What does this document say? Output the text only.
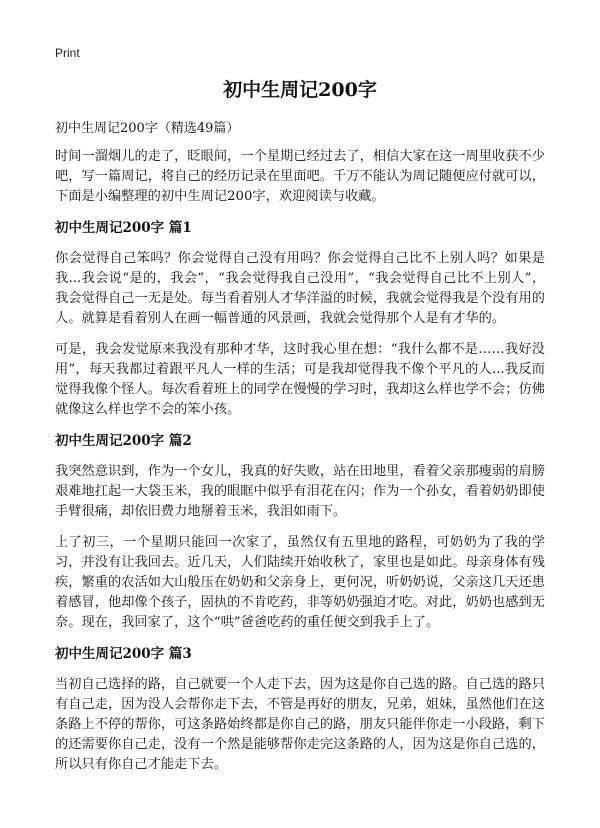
Print
初中生周记200字

初中生周记200字（精选49篇）

时间一溜烟儿的走了，眨眼间，一个星期已经过去了，相信大家在这一周里收获不少吧，写一篇周记，将自己的经历记录在里面吧。千万不能认为周记随便应付就可以，下面是小编整理的初中生周记200字，欢迎阅读与收藏。

初中生周记200字 篇1

你会觉得自己笨吗？你会觉得自己没有用吗？你会觉得自己比不上别人吗？如果是我...我会说“是的，我会”，“我会觉得我自己没用”，“我会觉得自己比不上别人”，我会觉得自己一无是处。每当看着别人才华洋溢的时候，我就会觉得我是个没有用的人。就算是看着别人在画一幅普通的风景画，我就会觉得那个人是有才华的。

可是，我会发觉原来我没有那种才华，这时我心里在想：“我什么都不是……我好没用”，每天我都过着跟平凡人一样的生活；可是我却觉得我不像个平凡的人...我反而觉得我像个怪人。每次看着班上的同学在慢慢的学习时，我却这么样也学不会；仿佛就像这么样也学不会的笨小孩。

初中生周记200字 篇2

我突然意识到，作为一个女儿，我真的好失败，站在田地里，看着父亲那瘦弱的肩膀艰难地扛起一大袋玉米，我的眼眶中似乎有泪花在闪；作为一个孙女，看着奶奶即使手臂很痛，却依旧费力地掰着玉米，我泪如雨下。

上了初三，一个星期只能回一次家了，虽然仅有五里地的路程，可奶奶为了我的学习，并没有让我回去。近几天，人们陆续开始收秋了，家里也是如此。母亲身体有残疾，繁重的农活如大山般压在奶奶和父亲身上，更何况，听奶奶说，父亲这几天还患着感冒，他却像个孩子，固执的不肯吃药，非等奶奶强迫才吃。对此，奶奶也感到无奈。现在，我回家了，这个“哄”爸爸吃药的重任便交到我手上了。

初中生周记200字 篇3

当初自己选择的路，自己就要一个人走下去，因为这是你自己选的路。自己选的路只有自己走，因为没人会帮你走下去，不管是再好的朋友，兄弟，姐妹，虽然他们在这条路上不停的帮你，可这条路始终都是你自己的路，朋友只能伴你走一小段路，剩下的还需要你自己走，没有一个然是能够帮你走完这条路的人，因为这是你自己选的，所以只有你自己才能走下去。
